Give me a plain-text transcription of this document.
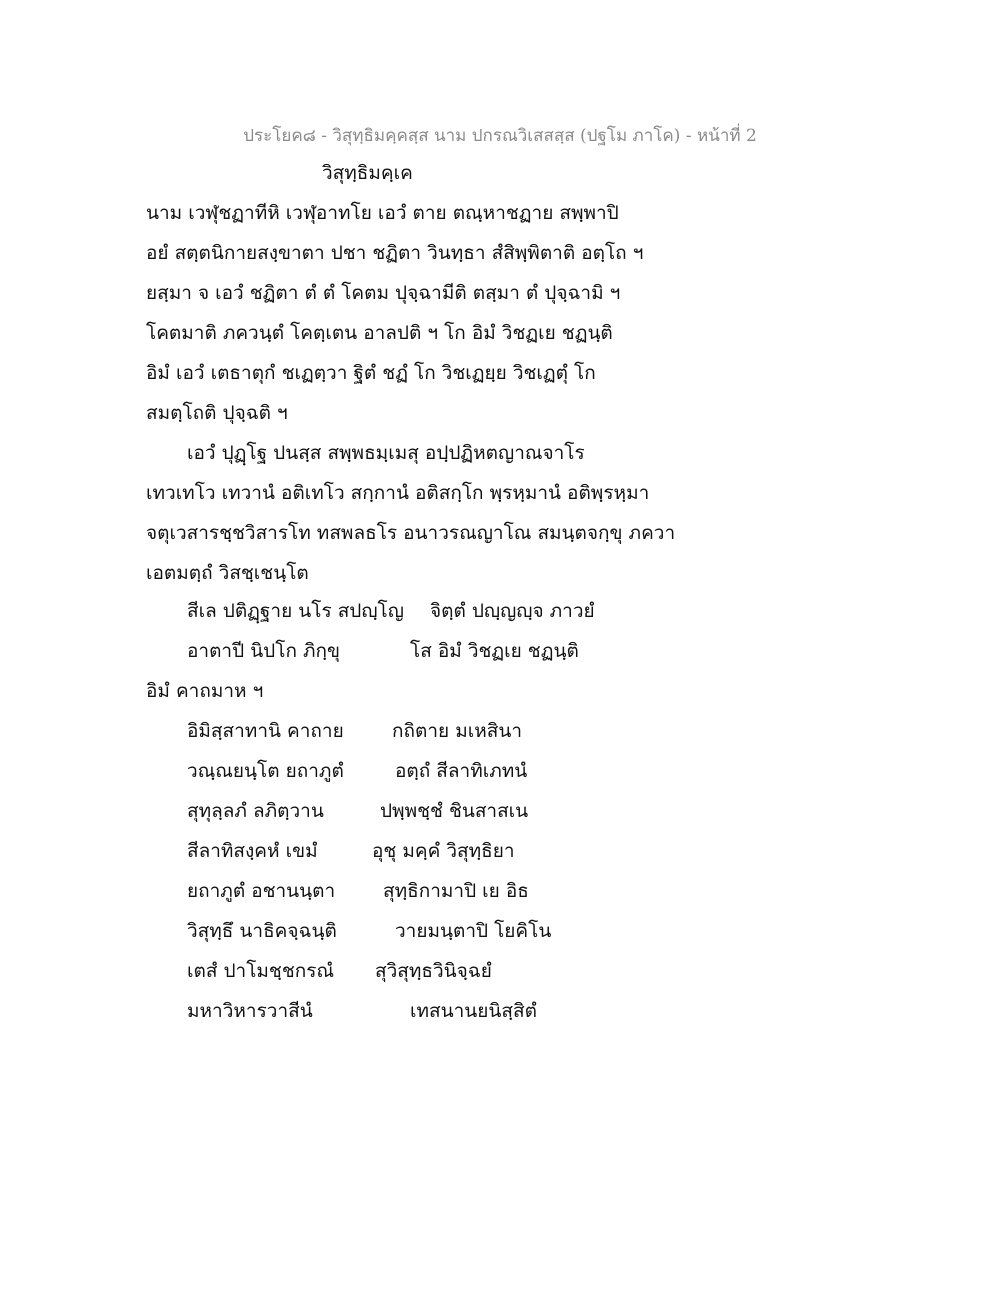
ประโยค๘ - วิสุทฺธิมคฺคสฺส นาม ปกรณวิเสสสฺส (ปฐโม ภาโค) - หน้าที่ 2
วิสุทฺธิมคฺเค
นาม เวฬุชฏาทีหิ เวฬุอาทโย เอวํ ตาย ตณฺหาชฏาย สพฺพาปิ
อยํ สตฺตนิกายสงฺขาตา ปชา ชฏิตา วินทฺธา สํสิพฺพิตาติ อตฺโถ ฯ
ยสฺมา จ เอวํ ชฏิตา ตํ ตํ โคตม ปุจฺฉามีติ ตสฺมา ตํ ปุจฺฉามิ ฯ
โคตมาติ ภควนฺตํ โคตฺเตน อาลปติ ฯ โก อิมํ วิชฏเย ชฏนฺติ
อิมํ เอวํ เตธาตุกํ ชเฏตฺวา ฐิตํ ชฏํ โก วิชเฏยฺย วิชเฏตุํ โก
สมตฺโถติ ปุจฺฉติ ฯ
เอวํ ปุฏฺโฐ ปนสฺส สพฺพธมฺเมสุ อปฺปฏิหตญาณจาโร
เทวเทโว เทวานํ อติเทโว สกฺกานํ อติสกฺโก พฺรหฺมานํ อติพฺรหฺมา
จตุเวสารชฺชวิสารโท ทสพลธโร อนาวรณญาโณ สมนฺตจกฺขุ ภควา
เอตมตฺถํ วิสชฺเชนฺโต
สีเล ปติฏฺฐาย นโร สปญฺโญ จิตฺตํ ปญฺญญฺจ ภาวยํ
อาตาปี นิปโก ภิกฺขุ	โส อิมํ วิชฏเย ชฏนฺติ
อิมํ คาถมาห ฯ
อิมิสฺสาทานิ คาถาย	กถิตาย มเหสินา
วณฺณยนฺโต ยถาภูตํ	อตฺถํ สีลาทิเภทนํ
สุทุลฺลภํ ลภิตฺวาน	ปพฺพชฺชํ ชินสาสเน
สีลาทิสงฺคหํ เขมํ	อุชุ มคฺคํ วิสุทฺธิยา
ยถาภูตํ อชานนฺตา	สุทฺธิกามาปิ เย อิธ
วิสุทฺธึ นาธิคจฺฉนฺติ	วายมนฺตาปิ โยคิโน
เตสํ ปาโมชฺชกรณํ สุวิสุทฺธวินิจฺฉยํ
มหาวิหารวาสีนํ	เทสนานยนิสฺสิตํ
